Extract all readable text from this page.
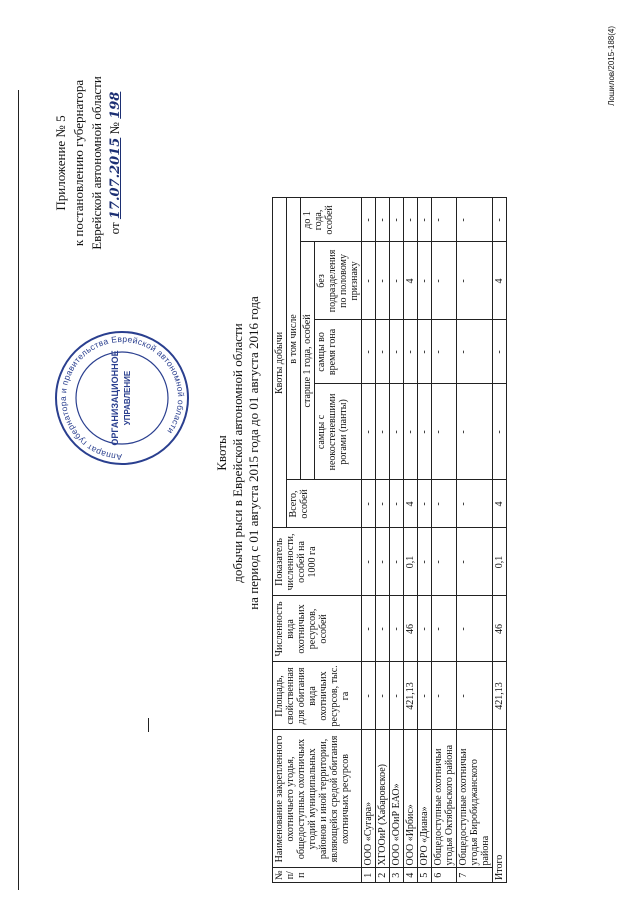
Приложение № 5 к постановлению губернатора Еврейской автономной области от 17.07.2015 № 198
Аппарат губернатора и правительства Еврейской автономной области
ОРГАНИЗАЦИОННОЕ УПРАВЛЕНИЕ
Квоты добычи рыси в Еврейской автономной области на период с 01 августа 2015 года до 01 августа 2016 года
№ п/п	Наименование закрепленного охотничьего угодья, общедоступных охотничьих угодий муниципальных районов и иной территории, являющейся средой обитания охотничьих ресурсов	Площадь, свойственная для обитания вида охотничьих ресурсов, тыс. га	Численность вида охотничьих ресурсов, особей	Показатель численности, особей на 1000 га	Квоты добычи				
					Всего, особей	в том числе			
						старше 1 года, особей			до 1 года, особей
						самцы с неокостеневшими рогами (панты)	самцы во время гона	без подразделения по половому признаку	
1	ООО «Сугара»	-	-	-	-	-	-	-	-
2	ХГООиР (Хабаровское)	-	-	-	-	-	-	-	-
3	ООО «ООиР ЕАО»	-	-	-	-	-	-	-	-
4	ООО «Ирбис»	421,13	46	0,1	4	-	-	4	-
5	ОРО «Диана»	-	-	-	-	-	-	-	-
6	Общедоступные охотничьи угодья Октябрьского района	-	-	-	-	-	-	-	-
7	Общедоступные охотничьи угодья Биробиджанского района	-	-	-	-	-	-	-	-
Итого		421,13	46	0,1	4	-	-	4	-
Лошилов/2015-188(4)
